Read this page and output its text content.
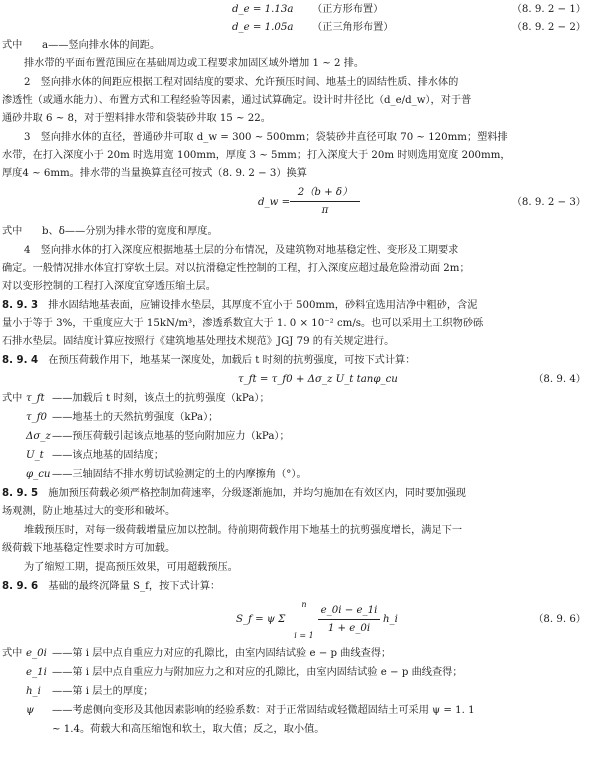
d_e = 1.13a （正方形布置）	（8. 9. 2 − 1）
d_e = 1.05a （正三角形布置）	（8. 9. 2 − 2）
式中 a——竖向排水体的间距。
排水带的平面布置范围应在基础周边或工程要求加固区域外增加 1 ~ 2 排。
2　竖向排水体的间距应根据工程对固结度的要求、允许预压时间、地基土的固结性质、排水体的
渗透性（或通水能力）、布置方式和工程经验等因素，通过试算确定。设计时井径比（d_e/d_w），对于普
通砂井取 6 ~ 8，对于塑料排水带和袋装砂井取 15 ~ 22。
3　竖向排水体的直径，普通砂井可取 d_w = 300 ~ 500mm；袋装砂井直径可取 70 ~ 120mm；塑料排
水带，在打入深度小于 20m 时选用宽 100mm，厚度 3 ~ 5mm；打入深度大于 20m 时则选用宽度 200mm，
厚度4 ~ 6mm。排水带的当量换算直径可按式（8. 9. 2 − 3）换算
d_w =
2（b + δ）
π
（8. 9. 2 − 3）
式中 b、δ——分别为排水带的宽度和厚度。
4　竖向排水体的打入深度应根据地基土层的分布情况，及建筑物对地基稳定性、变形及工期要求
确定。一般情况排水体宜打穿软土层。对以抗滑稳定性控制的工程，打入深度应超过最危险滑动面 2m；
对以变形控制的工程打入深度宜穿透压缩土层。
8. 9. 3　 排水固结地基表面，应铺设排水垫层，其厚度不宜小于 500mm，砂料宜选用洁净中粗砂，含泥
量小于等于 3%，干重度应大于 15kN/m³，渗透系数宜大于 1. 0 × 10⁻² cm/s。也可以采用土工织物砂砾
石排水垫层。固结度计算应按照行《建筑地基处理技术规范》JGJ 79 的有关规定进行。
8. 9. 4　 在预压荷载作用下，地基某一深度处，加载后 t 时刻的抗剪强度，可按下式计算：
τ_ft = τ_f0 + Δσ_z U_t tanφ_cu	（8. 9. 4）
式中 τ_ft ——加载后 t 时刻，该点土的抗剪强度（kPa）；
τ_f0 ——地基土的天然抗剪强度（kPa）；
Δσ_z ——预压荷载引起该点地基的竖向附加应力（kPa）；
U_t ——该点地基的固结度；
φ_cu ——三轴固结不排水剪切试验测定的土的内摩擦角（°）。
8. 9. 5　 施加预压荷载必须严格控制加荷速率，分级逐渐施加，并均匀施加在有效区内，同时要加强现
场观测，防止地基过大的变形和破坏。
堆载预压时，对每一级荷载增量应加以控制。待前期荷载作用下地基土的抗剪强度增长，满足下一
级荷载下地基稳定性要求时方可加载。
为了缩短工期，提高预压效果，可用超载预压。
8. 9. 6　 基础的最终沉降量 S_f，按下式计算：
S_f = ψ Σ
n
i = 1
e_0i − e_1i
1 + e_0i
h_i	（8. 9. 6）
式中 e_0i ——第 i 层中点自重应力对应的孔隙比，由室内固结试验 e − p 曲线查得；
e_1i ——第 i 层中点自重应力与附加应力之和对应的孔隙比，由室内固结试验 e − p 曲线查得；
h_i ——第 i 层土的厚度；
ψ ——考虑侧向变形及其他因素影响的经验系数：对于正常固结或轻微超固结土可采用 ψ = 1. 1
~ 1.4。荷载大和高压缩饱和软土，取大值；反之，取小值。
